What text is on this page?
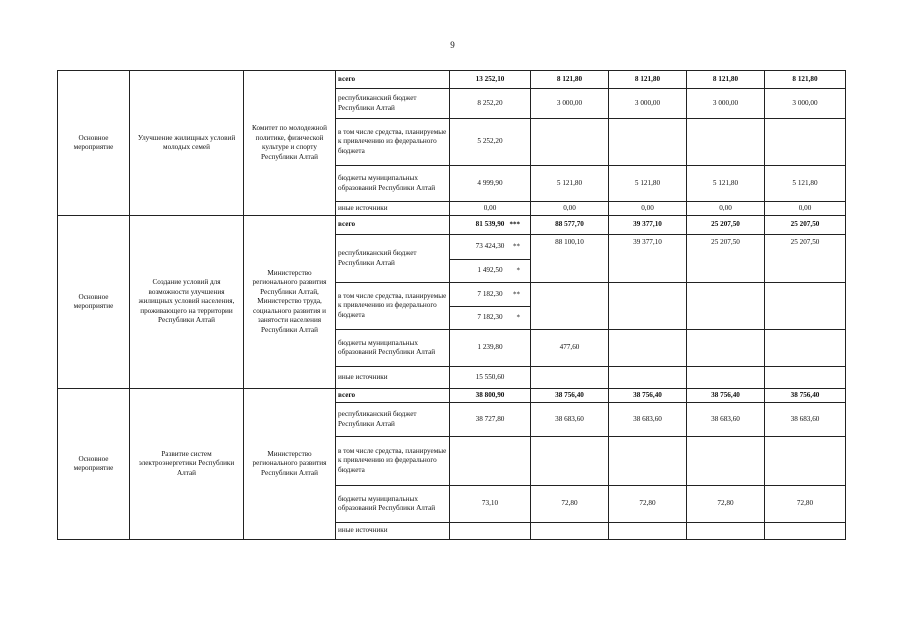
9
Основное мероприятие	Улучшение жилищных условий молодых семей	Комитет по молодежной политике, физической культуре и спорту Республики Алтай	всего	13 252,10	8 121,80	8 121,80	8 121,80	8 121,80
			республиканский бюджет Республики Алтай	8 252,20	3 000,00	3 000,00	3 000,00	3 000,00
			в том числе средства, планируемые к привлечению из федерального бюджета	5 252,20				
			бюджеты муниципальных образований Республики Алтай	4 999,90	5 121,80	5 121,80	5 121,80	5 121,80
			иные источники	0,00	0,00	0,00	0,00	0,00
Основное мероприятие	Создание условий для возможности улучшения жилищных условий населения, проживающего на территории Республики Алтай	Министерство регионального развития Республики Алтай, Министерство труда, социального развития и занятости населения Республики Алтай	всего	81 539,90 ***	88 577,70	39 377,10	25 207,50	25 207,50
			республиканский бюджет Республики Алтай	73 424,30 **	88 100,10	39 377,10	25 207,50	25 207,50
				1 492,50 *				

			в том числе средства, планируемые к привлечению из федерального бюджета	7 182,30 **				

				7 182,30 *				

			бюджеты муниципальных образований Республики Алтай	1 239,80	477,60			
			иные источники	15 550,60				
Основное мероприятие	Развитие систем электроэнергетики Республики Алтай	Министерство регионального развития Республики Алтай	всего	38 800,90	38 756,40	38 756,40	38 756,40	38 756,40
			республиканский бюджет Республики Алтай	38 727,80	38 683,60	38 683,60	38 683,60	38 683,60
			в том числе средства, планируемые к привлечению из федерального бюджета					
			бюджеты муниципальных образований Республики Алтай	73,10	72,80	72,80	72,80	72,80
			иные источники					
